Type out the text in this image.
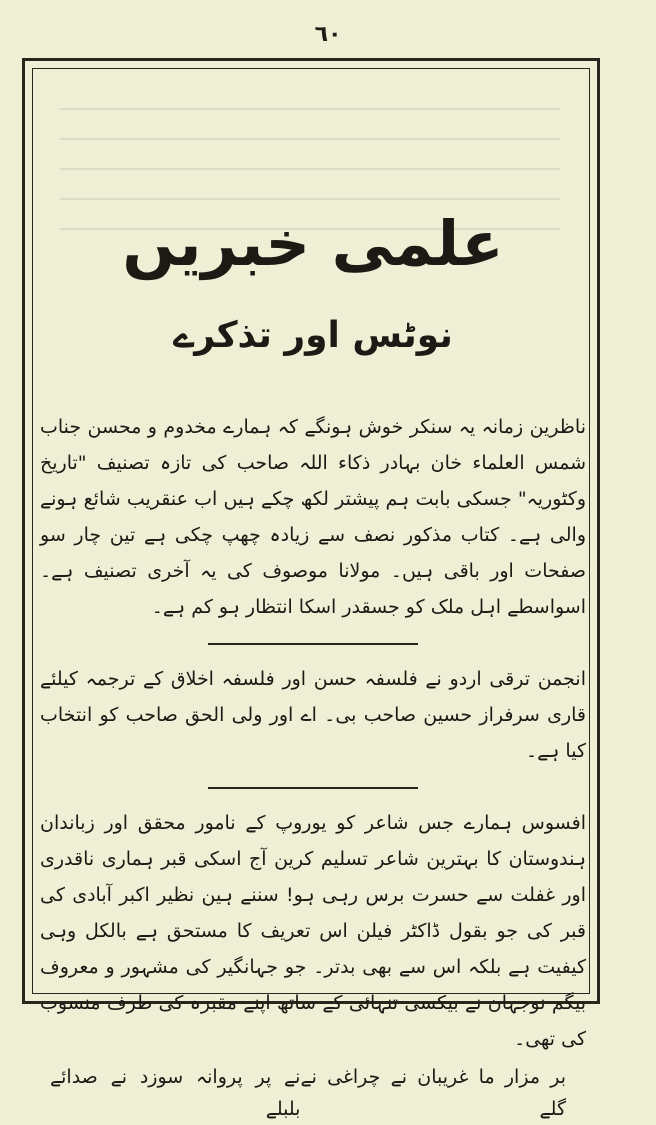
٦٠
علمی خبریں
نوٹس اور تذکرے

ناظرین زمانہ یہ سنکر خوش ہونگے کہ ہمارے مخدوم و محسن جناب شمس العلماء خان بہادر ذکاء اللہ صاحب کی تازہ تصنیف "تاریخ وکٹوریہ" جسکی بابت ہم پیشتر لکھ چکے ہیں اب عنقریب شائع ہونے والی ہے۔ کتاب مذکور نصف سے زیادہ چھپ چکی ہے تین چار سو صفحات اور باقی ہیں۔ مولانا موصوف کی یہ آخری تصنیف ہے۔ اسواسطے اہل ملک کو جسقدر اسکا انتظار ہو کم ہے۔

انجمن ترقی اردو نے فلسفہ حسن اور فلسفہ اخلاق کے ترجمہ کیلئے قاری سرفراز حسین صاحب بی۔ اے اور ولی الحق صاحب کو انتخاب کیا ہے۔

افسوس ہمارے جس شاعر کو یوروپ کے نامور محقق اور زباندان ہندوستان کا بہترین شاعر تسلیم کرین آج اسکی قبر ہماری ناقدری اور غفلت سے حسرت برس رہی ہو! سننے ہین نظیر اکبر آبادی کی قبر کی جو بقول ڈاکٹر فیلن اس تعریف کا مستحق ہے بالکل وہی کیفیت ہے بلکہ اس سے بھی بدتر۔ جو جہانگیر کی مشہور و معروف بیگم نوجہان نے بیکسی تنہائی کے ساتھ اپنے مقبرہ کی طرف منسوب کی تھی۔

بر مزار ما غریبان نے چراغی نے گلے
نے پر پروانہ سوزد نے صدائے بلبلے
